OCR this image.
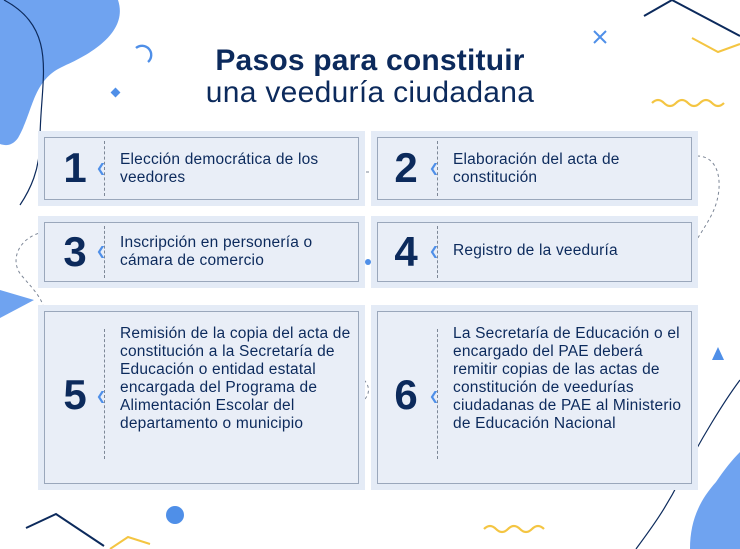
Pasos para constituir
una veeduría ciudadana
1 ❮ Elección democrática de los veedores	2 ❮ Elaboración del acta de constitución
3 ❮ Inscripción en personería o cámara de comercio	4 ❮ Registro de la veeduría
5 ❮
Remisión de la copia del acta de constitución a la Secretaría de Educación o entidad estatal encargada del Programa de Alimentación Escolar del departamento o municipio
6 ❮
La Secretaría de Educación o el encargado del PAE deberá remitir copias de las actas de constitución de veedurías ciudadanas de PAE al Ministerio de Educación Nacional
